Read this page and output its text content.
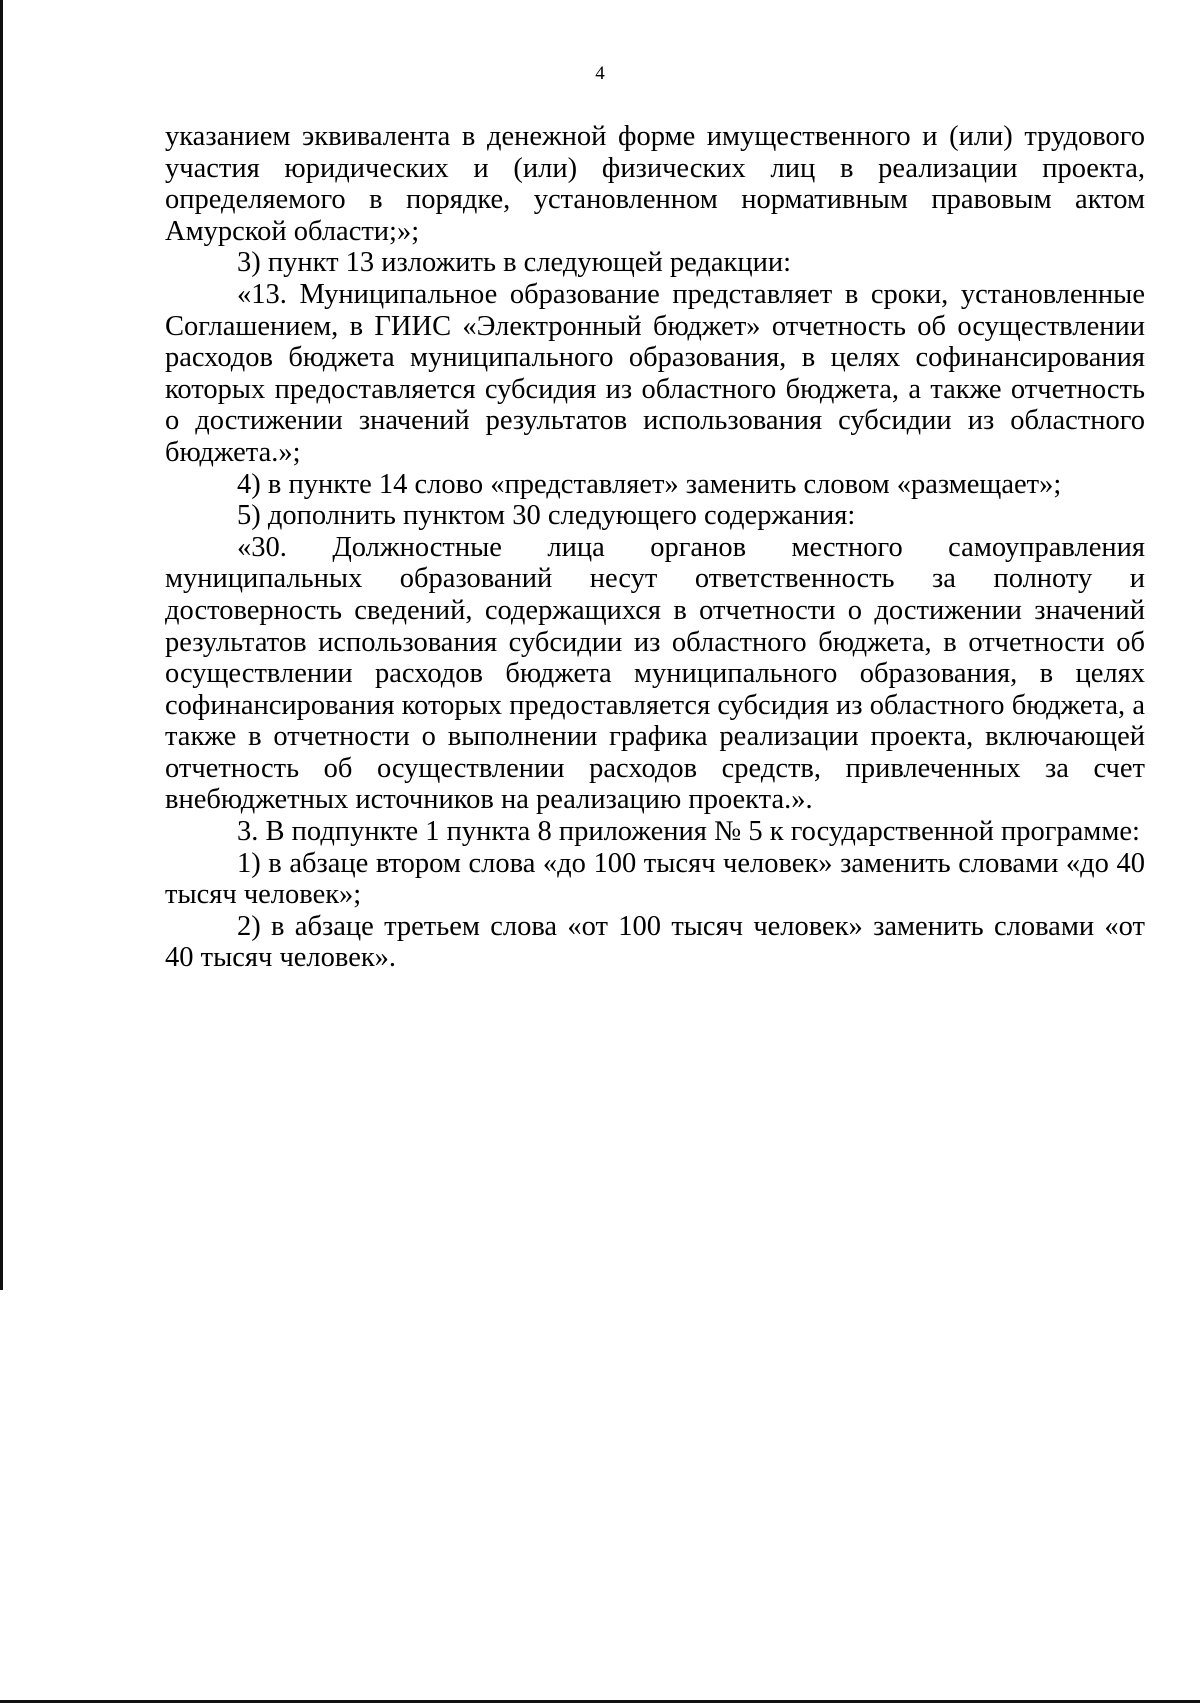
4

указанием эквивалента в денежной форме имущественного и (или) трудового участия юридических и (или) физических лиц в реализации проекта, определяемого в порядке, установленном нормативным правовым актом Амурской области;»;

3) пункт 13 изложить в следующей редакции:

«13. Муниципальное образование представляет в сроки, установленные Соглашением, в ГИИС «Электронный бюджет» отчетность об осуществлении расходов бюджета муниципального образования, в целях софинансирования которых предоставляется субсидия из областного бюджета, а также отчетность о достижении значений результатов использования субсидии из областного бюджета.»;

4) в пункте 14 слово «представляет» заменить словом «размещает»;

5) дополнить пунктом 30 следующего содержания:

«30. Должностные лица органов местного самоуправления муниципальных образований несут ответственность за полноту и достоверность сведений, содержащихся в отчетности о достижении значений результатов использования субсидии из областного бюджета, в отчетности об осуществлении расходов бюджета муниципального образования, в целях софинансирования которых предоставляется субсидия из областного бюджета, а также в отчетности о выполнении графика реализации проекта, включающей отчетность об осуществлении расходов средств, привлеченных за счет внебюджетных источников на реализацию проекта.».

3. В подпункте 1 пункта 8 приложения № 5 к государственной программе:

1) в абзаце втором слова «до 100 тысяч человек» заменить словами «до 40 тысяч человек»;

2) в абзаце третьем слова «от 100 тысяч человек» заменить словами «от 40 тысяч человек».
